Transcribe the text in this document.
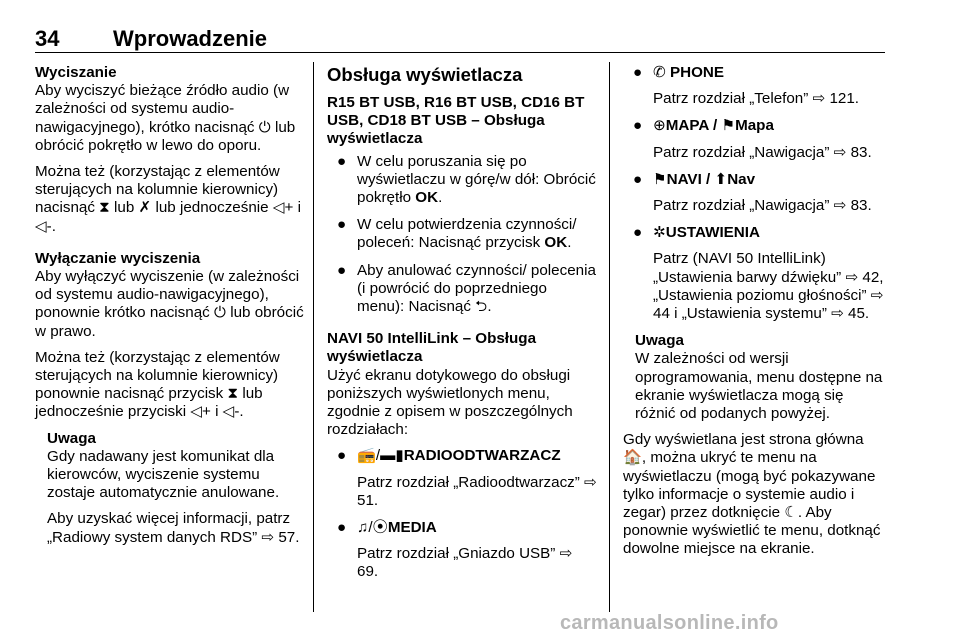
34 Wprowadzenie
Wyciszanie

Aby wyciszyć bieżące źródło audio (w zależności od systemu audio-nawigacyjnego), krótko nacisnąć ⏻ lub obrócić pokrętło w lewo do oporu.

Można też (korzystając z elementów sterujących na kolumnie kierownicy) nacisnąć ⧗ lub ✗ lub jednocześnie ◁+ i ◁-.

Wyłączanie wyciszenia

Aby wyłączyć wyciszenie (w zależności od systemu audio-nawigacyjnego), ponownie krótko nacisnąć ⏻ lub obrócić w prawo.

Można też (korzystając z elementów sterujących na kolumnie kierownicy) ponownie nacisnąć przycisk ⧗ lub jednocześnie przyciski ◁+ i ◁-.

Uwaga

Gdy nadawany jest komunikat dla kierowców, wyciszenie systemu zostaje automatycznie anulowane.

Aby uzyskać więcej informacji, patrz „Radiowy system danych RDS” ⇨ 57.

Obsługa wyświetlacza
R15 BT USB, R16 BT USB, CD16 BT USB, CD18 BT USB – Obsługa wyświetlacza
● W celu poruszania się po wyświetlaczu w górę/w dół: Obrócić pokrętło OK.
● W celu potwierdzenia czynności/ poleceń: Nacisnąć przycisk OK.
● Aby anulować czynności/ polecenia (i powrócić do poprzedniego menu): Nacisnąć ⮌.
NAVI 50 IntelliLink – Obsługa wyświetlacza

Użyć ekranu dotykowego do obsługi poniższych wyświetlonych menu, zgodnie z opisem w poszczególnych rozdziałach:

● 📻/▬▮RADIOODTWARZACZ
Patrz rozdział „Radioodtwarzacz” ⇨ 51.
● ♫/⦿MEDIA
Patrz rozdział „Gniazdo USB” ⇨ 69.
● ✆ PHONE
Patrz rozdział „Telefon” ⇨ 121.
● ⊕MAPA / ⚑Mapa
Patrz rozdział „Nawigacja” ⇨ 83.
● ⚑NAVI / ⬆Nav
Patrz rozdział „Nawigacja” ⇨ 83.
● ✲USTAWIENIA
Patrz (NAVI 50 IntelliLink) „Ustawienia barwy dźwięku” ⇨ 42, „Ustawienia poziomu głośności” ⇨ 44 i „Ustawienia systemu” ⇨ 45.
Uwaga

W zależności od wersji oprogramowania, menu dostępne na ekranie wyświetlacza mogą się różnić od podanych powyżej.

Gdy wyświetlana jest strona główna 🏠, można ukryć te menu na wyświetlaczu (mogą być pokazywane tylko informacje o systemie audio i zegar) przez dotknięcie ☾. Aby ponownie wyświetlić te menu, dotknąć dowolne miejsce na ekranie.

carmanualsonline.info
